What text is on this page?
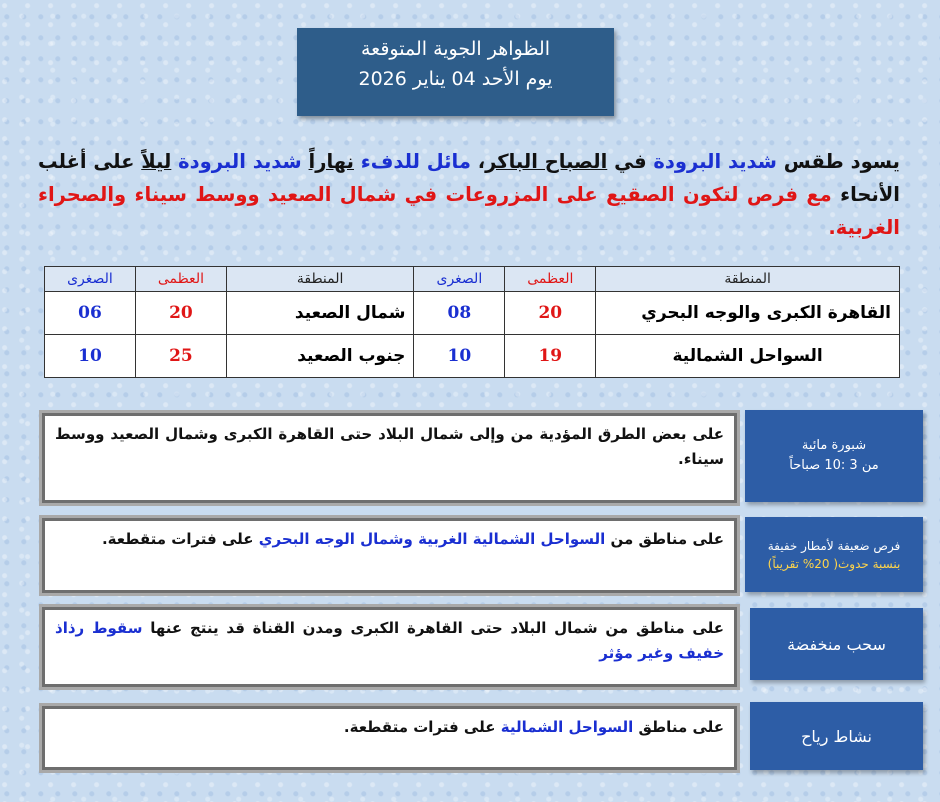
الظواهر الجوية المتوقعة
يوم الأحد 04 يناير 2026
يسود طقس شديد البرودة في الصباح الباكر، مائل للدفء نهاراً شديد البرودة ليلاً على أغلب الأنحاء مع فرص لتكون الصقيع على المزروعات في شمال الصعيد ووسط سيناء والصحراء الغربية.
المنطقة	العظمى	الصغرى	المنطقة	العظمى	الصغرى
القاهرة الكبرى والوجه البحري	20	08	شمال الصعيد	20	06
السواحل الشمالية	19	10	جنوب الصعيد	25	10
شبورة مائية
من 3 :10 صباحاً
على بعض الطرق المؤدية من وإلى شمال البلاد حتى القاهرة الكبرى وشمال الصعيد ووسط سيناء.
فرص ضعيفة لأمطار خفيفة
بنسبة حدوث( 20% تقريباً)
على مناطق من السواحل الشمالية الغربية وشمال الوجه البحري على فترات متقطعة.
سحب منخفضة
على مناطق من شمال البلاد حتى القاهرة الكبرى ومدن القناة قد ينتج عنها سقوط رذاذ خفيف وغير مؤثر
نشاط رياح
على مناطق السواحل الشمالية على فترات متقطعة.
